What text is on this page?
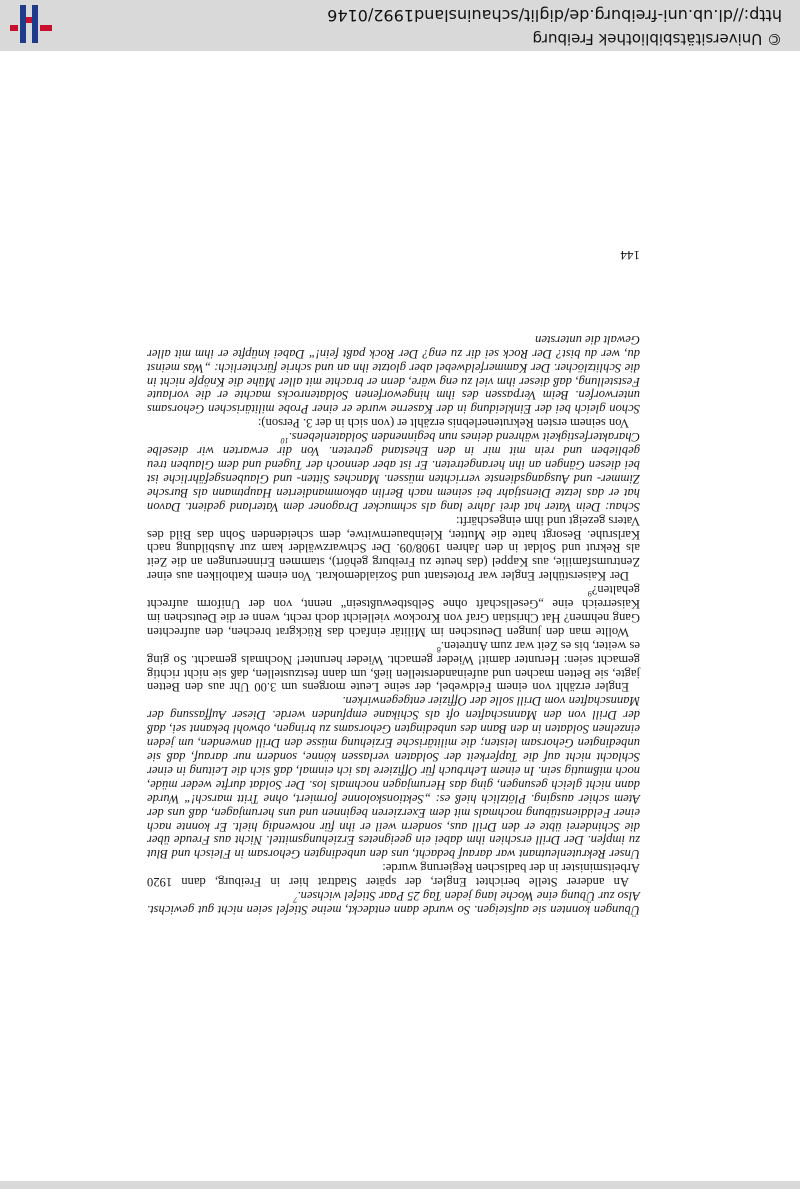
Übungen konnten sie aufsteigen. So wurde dann entdeckt, meine Stiefel seien nicht gut gewichst. Also zur Übung eine Woche lang jeden Tag 25 Paar Stiefel wichsen.$^7$

An anderer Stelle berichtet Engler, der später Stadtrat hier in Freiburg, dann 1920 Arbeitsminister in der badischen Regierung wurde:

Unser Rekrutenleutnant war darauf bedacht, uns den unbedingten Gehorsam in Fleisch und Blut zu impfen. Der Drill erschien ihm dabei ein geeignetes Erziehungsmittel. Nicht aus Freude über die Schinderei übte er den Drill aus, sondern weil er ihn für notwendig hielt. Er konnte nach einer Felddienstübung nochmals mit dem Exerzieren beginnen und uns herumjagen, daß uns der Atem schier ausging. Plötzlich hieß es: „Sektionskolonne formiert, ohne Tritt marsch!“ Wurde dann nicht gleich gesungen, ging das Herumjagen nochmals los. Der Soldat durfte weder müde, noch mißmutig sein. In einem Lehrbuch für Offiziere las ich einmal, daß sich die Leitung in einer Schlacht nicht auf die Tapferkeit der Soldaten verlassen könne, sondern nur darauf, daß sie unbedingten Gehorsam leisten; die militärische Erziehung müsse den Drill anwenden, um jeden einzelnen Soldaten in den Bann des unbedingten Gehorsams zu bringen, obwohl bekannt sei, daß der Drill von den Mannschaften oft als Schikane empfunden werde. Dieser Auffassung der Mannschaften vom Drill solle der Offizier entgegenwirken.

Engler erzählt von einem Feldwebel, der seine Leute morgens um 3.00 Uhr aus den Betten jagte, sie Betten machen und aufeinanderstellen ließ, um dann festzustellen, daß sie nicht richtig gemacht seien: Herunter damit! Wieder gemacht. Wieder herunter! Nochmals gemacht. So ging es weiter, bis es Zeit war zum Antreten.$^8$

Wollte man den jungen Deutschen im Militär einfach das Rückgrat brechen, den aufrechten Gang nehmen? Hat Christian Graf von Krockow vielleicht doch recht, wenn er die Deutschen im Kaiserreich eine „Gesellschaft ohne Selbstbewußtsein“ nennt, von der Uniform aufrecht gehalten?$^9$

Der Kaiserstühler Engler war Protestant und Sozialdemokrat. Von einem Katholiken aus einer Zentrumsfamilie, aus Kappel (das heute zu Freiburg gehört), stammen Erinnerungen an die Zeit als Rekrut und Soldat in den Jahren 1908/09. Der Schwarzwälder kam zur Ausbildung nach Karlsruhe. Besorgt hatte die Mutter, Kleinbauernwitwe, dem scheidenden Sohn das Bild des Vaters gezeigt und ihm eingeschärft:

Schau: Dein Vater hat drei Jahre lang als schmucker Dragoner dem Vaterland gedient. Davon hat er das letzte Dienstjahr bei seinem nach Berlin abkommandierten Hauptmann als Bursche Zimmer- und Ausgangsdienste verrichten müssen. Manches Sitten- und Glaubensgefährliche ist bei diesen Gängen an ihn herangetreten. Er ist aber dennoch der Tugend und dem Glauben treu geblieben und rein mit mir in den Ehestand getreten. Von dir erwarten wir dieselbe Charakterfestigkeit während deines nun beginnenden Soldatenlebens.$^{10}$

Von seinem ersten Rekrutenerlebnis erzählt er (von sich in der 3. Person):

Schon gleich bei der Einkleidung in der Kaserne wurde er einer Probe militärischen Gehorsams unterworfen. Beim Verpassen des ihm hingeworfenen Soldatenrocks machte er die vorlaute Feststellung, daß dieser ihm viel zu eng wäre, denn er brachte mit aller Mühe die Knöpfe nicht in die Schlitzlöcher. Der Kammerfeldwebel aber glotzte ihn an und schrie fürchterlich: „Was meinst du, wer du bist? Der Rock sei dir zu eng? Der Rock paßt fein!“ Dabei knüpfte er ihm mit aller Gewalt die untersten

144
© Universitätsbibliothek Freiburg
http://dl.ub.uni-freiburg.de/diglit/schauinsland1992/0146
